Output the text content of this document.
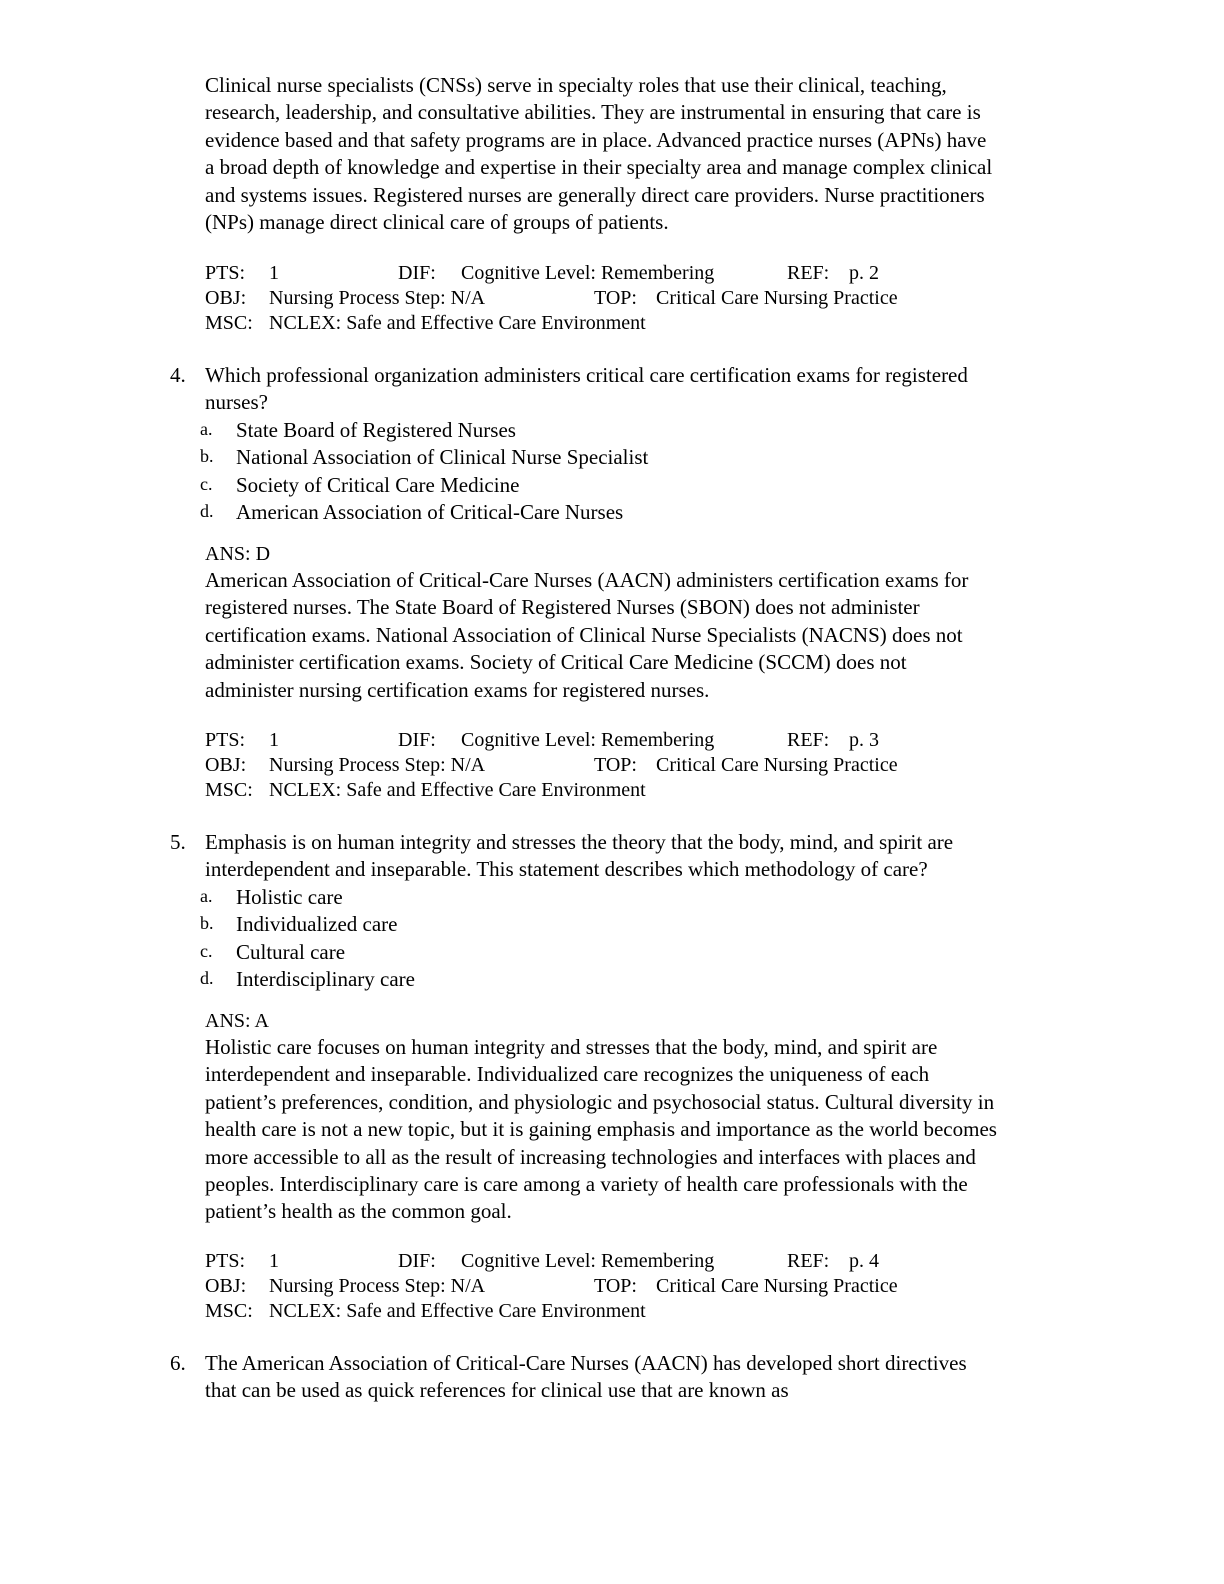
Clinical nurse specialists (CNSs) serve in specialty roles that use their clinical, teaching,
research, leadership, and consultative abilities. They are instrumental in ensuring that care is
evidence based and that safety programs are in place. Advanced practice nurses (APNs) have
a broad depth of knowledge and expertise in their specialty area and manage complex clinical
and systems issues. Registered nurses are generally direct care providers. Nurse practitioners
(NPs) manage direct clinical care of groups of patients.
PTS: 1	DIF: Cognitive Level: Remembering	REF: p. 2
OBJ: Nursing Process Step: N/A	TOP: Critical Care Nursing Practice
MSC: NCLEX: Safe and Effective Care Environment
4. Which professional organization administers critical care certification exams for registered
nurses?
a.	State Board of Registered Nurses
b.	National Association of Clinical Nurse Specialist
c.	Society of Critical Care Medicine
d.	American Association of Critical-Care Nurses
ANS: D
American Association of Critical-Care Nurses (AACN) administers certification exams for
registered nurses. The State Board of Registered Nurses (SBON) does not administer
certification exams. National Association of Clinical Nurse Specialists (NACNS) does not
administer certification exams. Society of Critical Care Medicine (SCCM) does not
administer nursing certification exams for registered nurses.
PTS: 1	DIF: Cognitive Level: Remembering	REF: p. 3
OBJ: Nursing Process Step: N/A	TOP: Critical Care Nursing Practice
MSC: NCLEX: Safe and Effective Care Environment
5. Emphasis is on human integrity and stresses the theory that the body, mind, and spirit are
interdependent and inseparable. This statement describes which methodology of care?
a.	Holistic care
b.	Individualized care
c.	Cultural care
d.	Interdisciplinary care
ANS: A
Holistic care focuses on human integrity and stresses that the body, mind, and spirit are
interdependent and inseparable. Individualized care recognizes the uniqueness of each
patient’s preferences, condition, and physiologic and psychosocial status. Cultural diversity in
health care is not a new topic, but it is gaining emphasis and importance as the world becomes
more accessible to all as the result of increasing technologies and interfaces with places and
peoples. Interdisciplinary care is care among a variety of health care professionals with the
patient’s health as the common goal.
PTS: 1	DIF: Cognitive Level: Remembering	REF: p. 4
OBJ: Nursing Process Step: N/A	TOP: Critical Care Nursing Practice
MSC: NCLEX: Safe and Effective Care Environment
6. The American Association of Critical-Care Nurses (AACN) has developed short directives
that can be used as quick references for clinical use that are known as
